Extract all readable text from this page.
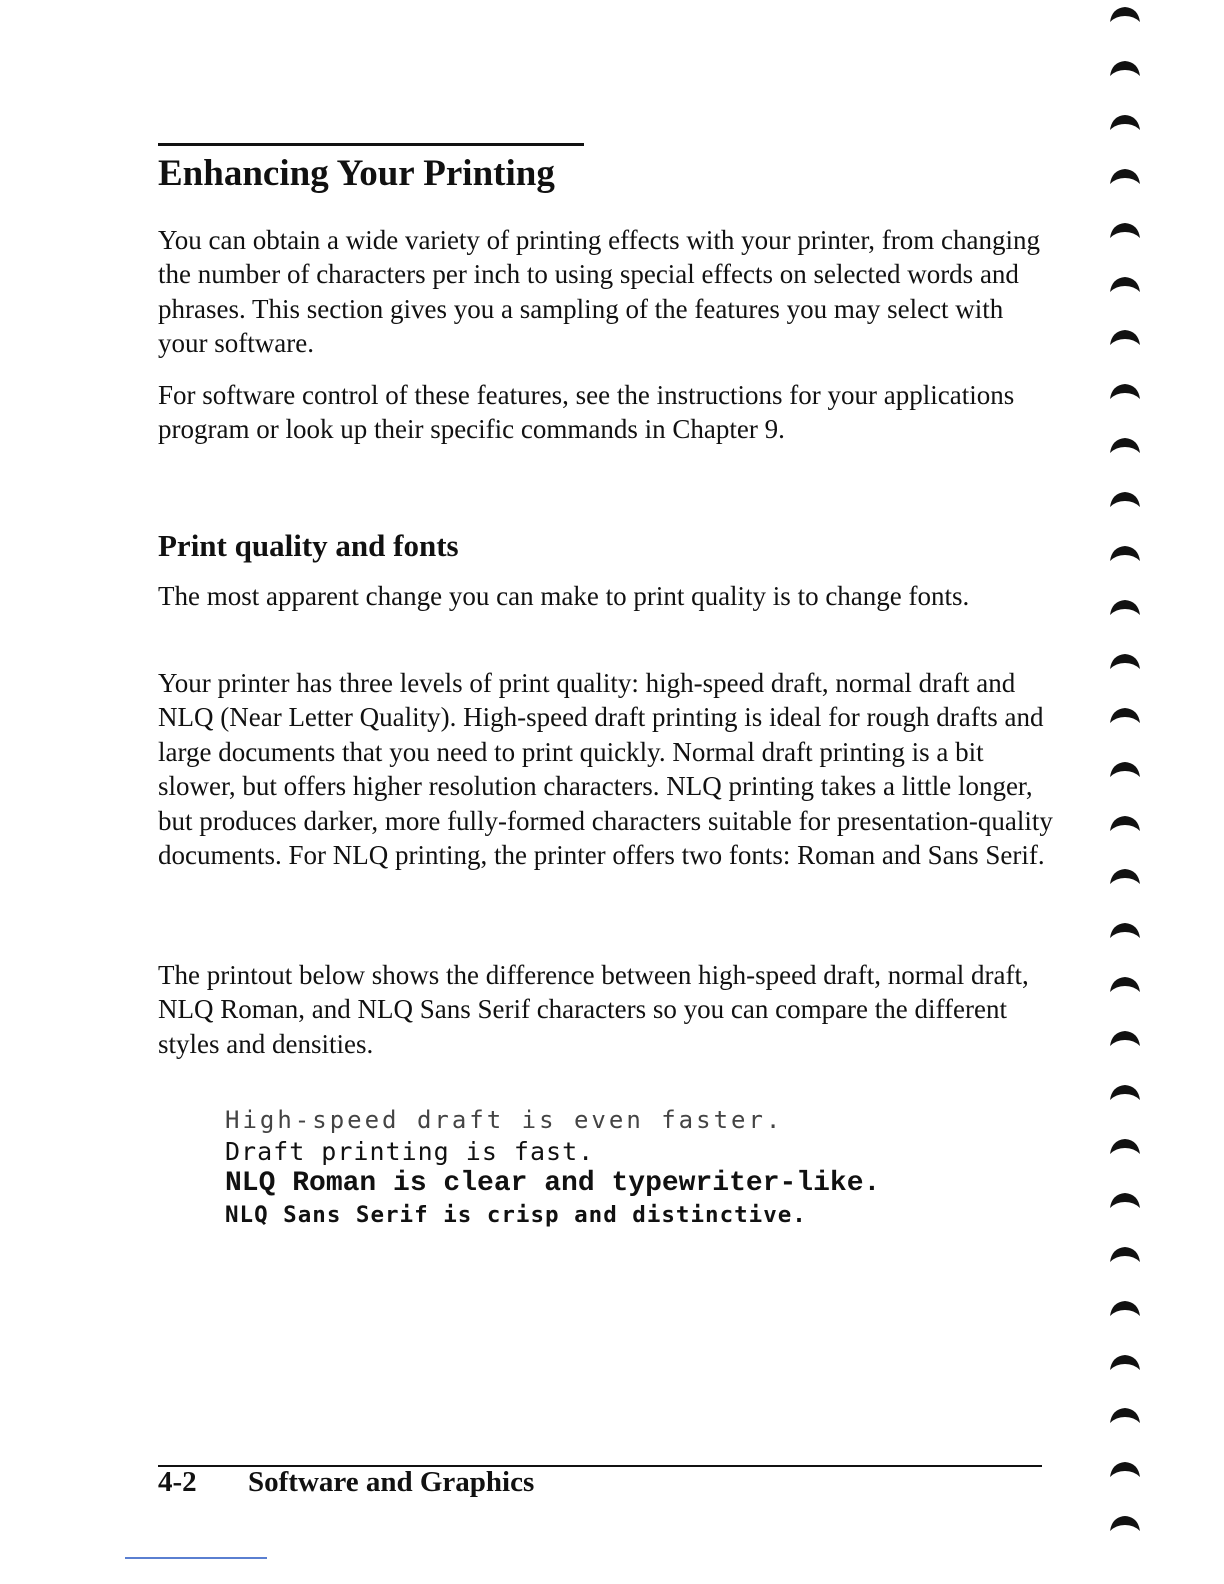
Enhancing Your Printing

You can obtain a wide variety of printing effects with your printer, from changing the number of characters per inch to using special effects on selected words and phrases. This section gives you a sampling of the features you may select with your software.

For software control of these features, see the instructions for your applications program or look up their specific commands in Chapter 9.

Print quality and fonts

The most apparent change you can make to print quality is to change fonts.

Your printer has three levels of print quality: high-speed draft, normal draft and NLQ (Near Letter Quality). High-speed draft printing is ideal for rough drafts and large documents that you need to print quickly. Normal draft printing is a bit slower, but offers higher resolution characters. NLQ printing takes a little longer, but produces darker, more fully-formed characters suitable for presentation-quality documents. For NLQ printing, the printer offers two fonts: Roman and Sans Serif.

The printout below shows the difference between high-speed draft, normal draft, NLQ Roman, and NLQ Sans Serif characters so you can compare the different styles and densities.

High-speed draft is even faster.

Draft printing is fast.

NLQ Roman is clear and typewriter-like.

NLQ Sans Serif is crisp and distinctive.

4-2 Software and Graphics
